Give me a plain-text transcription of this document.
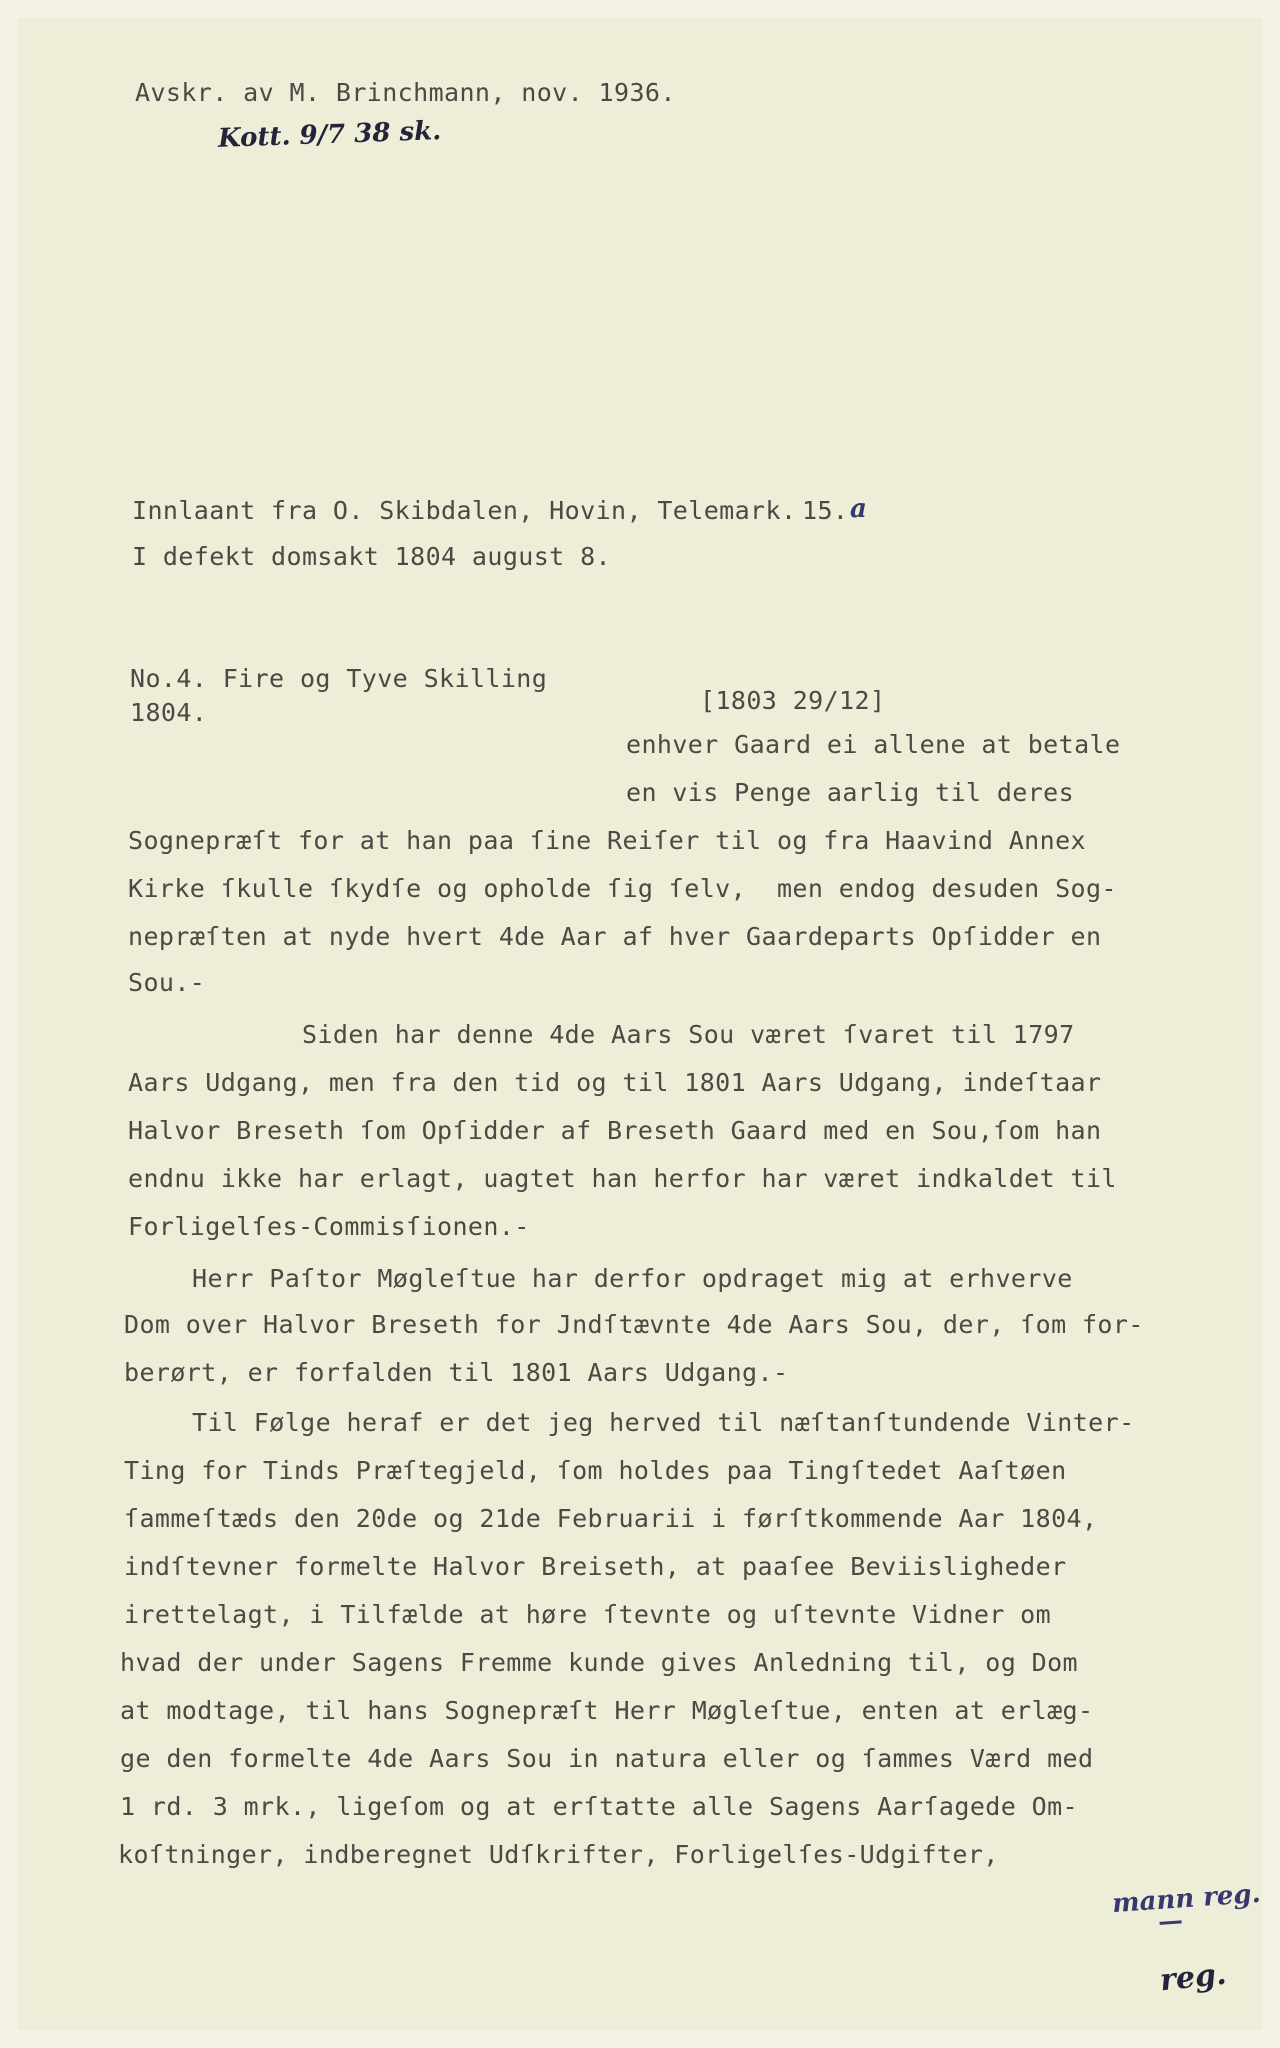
Avskr. av M. Brinchmann, nov. 1936.
Kott. 9/7 38 sk.
Innlaant fra O. Skibdalen, Hovin, Telemark. 15. a
I defekt domsakt 1804 august 8.
No.4. Fire og Tyve Skilling
1804.	[1803 29/12]
enhver Gaard ei allene at betale
en vis Penge aarlig til deres
Sognepræſt for at han paa ſine Reiſer til og fra Haavind Annex
Kirke ſkulle ſkydſe og opholde ſig ſelv,  men endog desuden Sog-
nepræſten at nyde hvert 4de Aar af hver Gaardeparts Opſidder en
Sou.-
Siden har denne 4de Aars Sou været ſvaret til 1797
Aars Udgang, men fra den tid og til 1801 Aars Udgang, indeſtaar
Halvor Breseth ſom Opſidder af Breseth Gaard med en Sou,ſom han
endnu ikke har erlagt, uagtet han herfor har været indkaldet til
Forligelſes-Commisſionen.-
Herr Paſtor Møgleſtue har derfor opdraget mig at erhverve
Dom over Halvor Breseth for Jndſtævnte 4de Aars Sou, der, ſom for-
berørt, er forfalden til 1801 Aars Udgang.-
Til Følge heraf er det jeg herved til næſtanſtundende Vinter-
Ting for Tinds Præſtegjeld, ſom holdes paa Tingſtedet Aaſtøen
ſammeſtæds den 20de og 21de Februarii i førſtkommende Aar 1804,
indſtevner formelte Halvor Breiseth, at paaſee Beviisligheder
irettelagt, i Tilfælde at høre ſtevnte og uſtevnte Vidner om
hvad der under Sagens Fremme kunde gives Anledning til, og Dom
at modtage, til hans Sognepræſt Herr Møgleſtue, enten at erlæg-
ge den formelte 4de Aars Sou in natura eller og ſammes Værd med
1 rd. 3 mrk., ligeſom og at erſtatte alle Sagens Aarſagede Om-
koſtninger, indberegnet Udſkrifter, Forligelſes-Udgifter,
mann reg.
reg.
